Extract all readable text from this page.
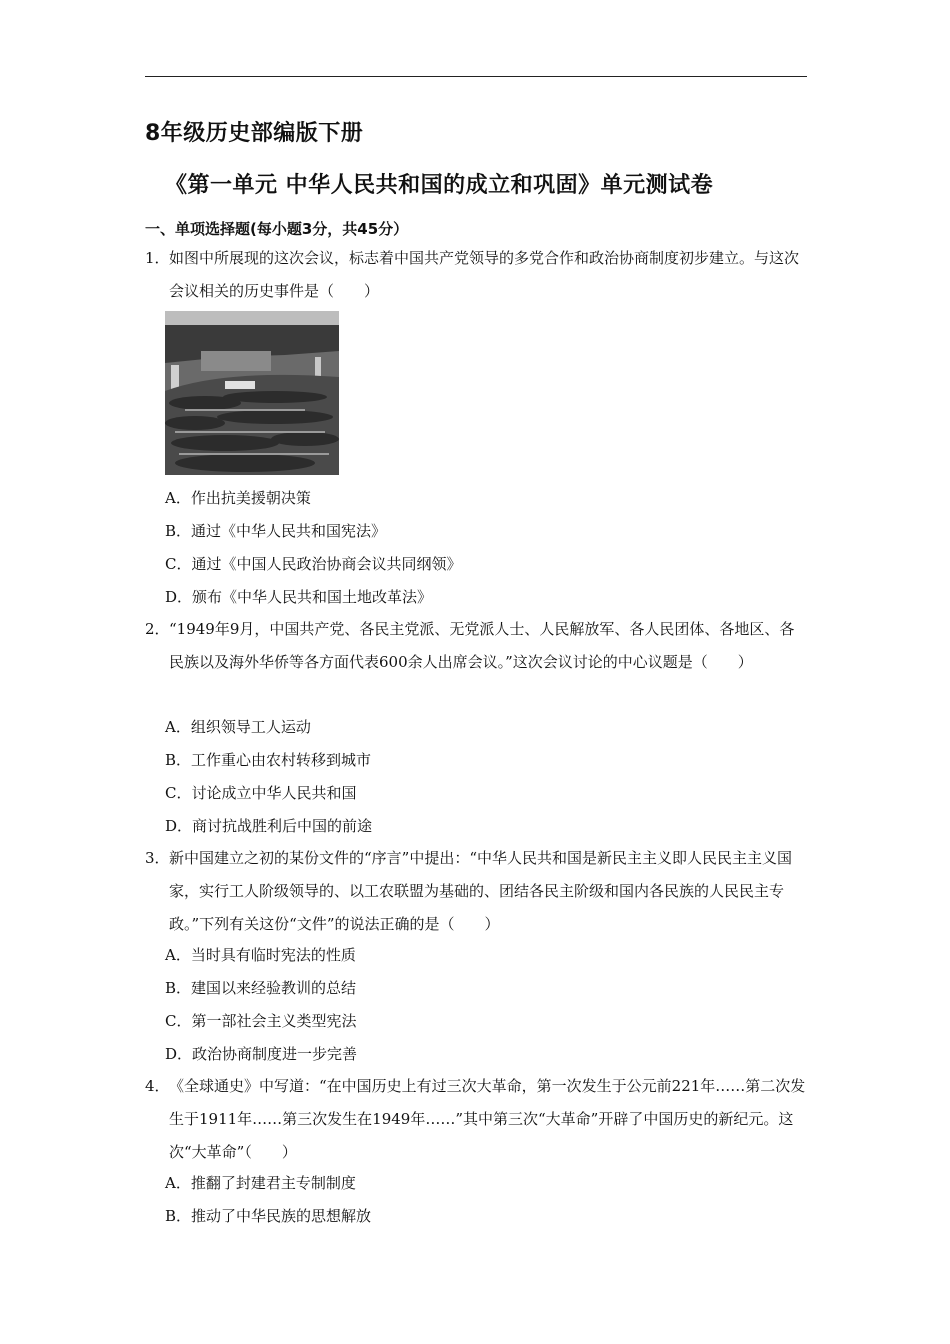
8年级历史部编版下册
《第一单元 中华人民共和国的成立和巩固》单元测试卷
一、单项选择题(每小题3分，共45分）
1． 如图中所展现的这次会议，标志着中国共产党领导的多党合作和政治协商制度初步建立。与这次会议相关的历史事件是（　　）
A．作出抗美援朝决策
B．通过《中华人民共和国宪法》
C．通过《中国人民政治协商会议共同纲领》
D．颁布《中华人民共和国土地改革法》
2． “1949年9月，中国共产党、各民主党派、无党派人士、人民解放军、各人民团体、各地区、各民族以及海外华侨等各方面代表600余人出席会议。”这次会议讨论的中心议题是（　　）
A．组织领导工人运动
B．工作重心由农村转移到城市
C．讨论成立中华人民共和国
D．商讨抗战胜利后中国的前途
3． 新中国建立之初的某份文件的“序言”中提出：“中华人民共和国是新民主主义即人民民主主义国家，实行工人阶级领导的、以工农联盟为基础的、团结各民主阶级和国内各民族的人民民主专政。”下列有关这份“文件”的说法正确的是（　　）
A．当时具有临时宪法的性质
B．建国以来经验教训的总结
C．第一部社会主义类型宪法
D．政治协商制度进一步完善
4． 《全球通史》中写道：“在中国历史上有过三次大革命，第一次发生于公元前221年……第二次发生于1911年……第三次发生在1949年……”其中第三次“大革命”开辟了中国历史的新纪元。这次“大革命”（　　）
A．推翻了封建君主专制制度
B．推动了中华民族的思想解放
